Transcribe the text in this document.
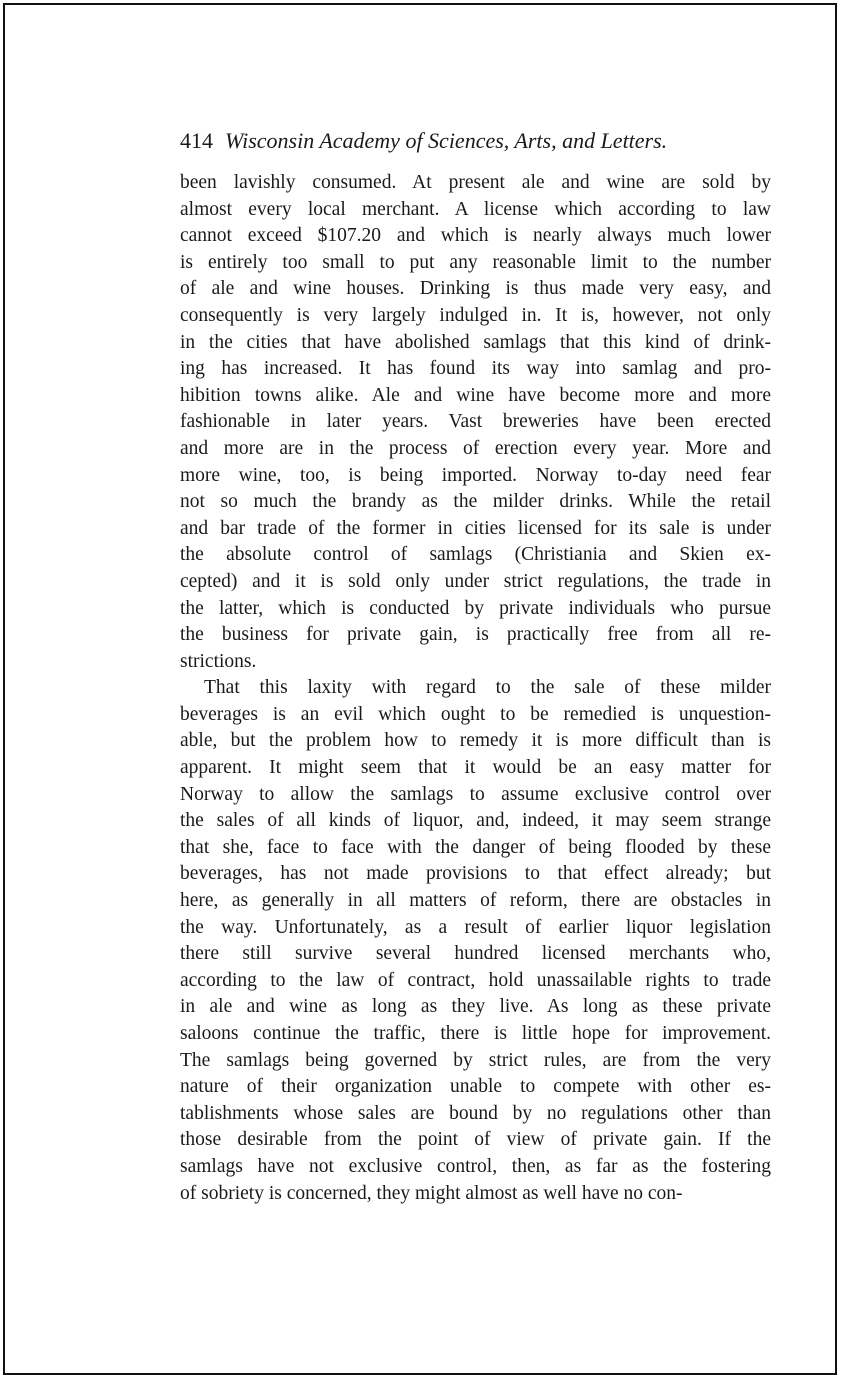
414 Wisconsin Academy of Sciences, Arts, and Letters.
been lavishly consumed. At present ale and wine are sold by
almost every local merchant. A license which according to law
cannot exceed $107.20 and which is nearly always much lower
is entirely too small to put any reasonable limit to the number
of ale and wine houses. Drinking is thus made very easy, and
consequently is very largely indulged in. It is, however, not only
in the cities that have abolished samlags that this kind of drink-
ing has increased. It has found its way into samlag and pro-
hibition towns alike. Ale and wine have become more and more
fashionable in later years. Vast breweries have been erected
and more are in the process of erection every year. More and
more wine, too, is being imported. Norway to-day need fear
not so much the brandy as the milder drinks. While the retail
and bar trade of the former in cities licensed for its sale is under
the absolute control of samlags (Christiania and Skien ex-
cepted) and it is sold only under strict regulations, the trade in
the latter, which is conducted by private individuals who pursue
the business for private gain, is practically free from all re-
strictions.
That this laxity with regard to the sale of these milder
beverages is an evil which ought to be remedied is unquestion-
able, but the problem how to remedy it is more difficult than is
apparent. It might seem that it would be an easy matter for
Norway to allow the samlags to assume exclusive control over
the sales of all kinds of liquor, and, indeed, it may seem strange
that she, face to face with the danger of being flooded by these
beverages, has not made provisions to that effect already; but
here, as generally in all matters of reform, there are obstacles in
the way. Unfortunately, as a result of earlier liquor legislation
there still survive several hundred licensed merchants who,
according to the law of contract, hold unassailable rights to trade
in ale and wine as long as they live. As long as these private
saloons continue the traffic, there is little hope for improvement.
The samlags being governed by strict rules, are from the very
nature of their organization unable to compete with other es-
tablishments whose sales are bound by no regulations other than
those desirable from the point of view of private gain. If the
samlags have not exclusive control, then, as far as the fostering
of sobriety is concerned, they might almost as well have no con-
